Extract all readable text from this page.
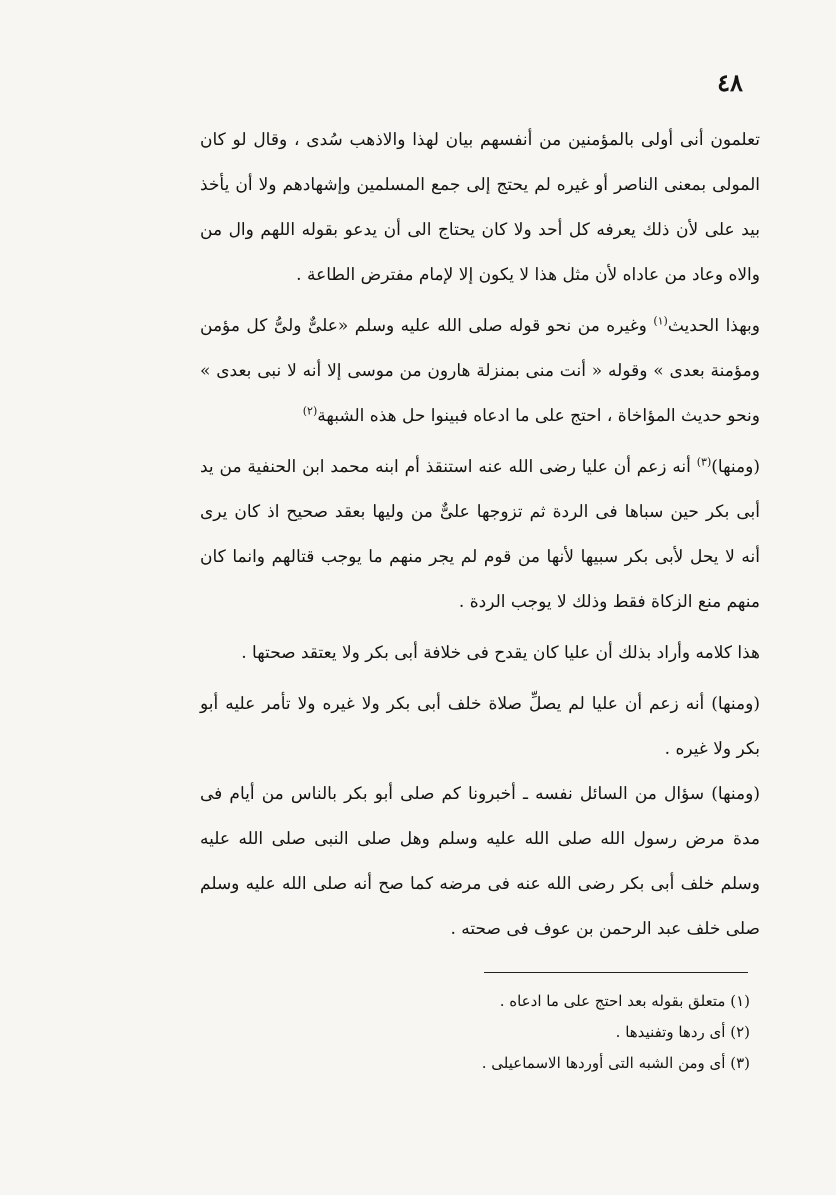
٤٨

تعلمون أنى أولى بالمؤمنين من أنفسهم بيان لهذا والاذهب سُدى ، وقال لو كان المولى بمعنى الناصر أو غيره لم يحتج إلى جمع المسلمين وإشهادهم ولا أن يأخذ بيد على لأن ذلك يعرفه كل أحد ولا كان يحتاج الى أن يدعو بقوله اللهم وال من والاه وعاد من عاداه لأن مثل هذا لا يكون إلا لإمام مفترض الطاعة .

وبهذا الحديث$^{(١)}$ وغيره من نحو قوله صلى الله عليه وسلم «علىٌّ ولىُّ كل مؤمن ومؤمنة بعدى » وقوله « أنت منى بمنزلة هارون من موسى إلا أنه لا نبى بعدى » ونحو حديث المؤاخاة ، احتج على ما ادعاه فبينوا حل هذه الشبهة$^{(٢)}$

(ومنها)$^{(٣)}$ أنه زعم أن عليا رضى الله عنه استنقذ أم ابنه محمد ابن الحنفية من يد أبى بكر حين سباها فى الردة ثم تزوجها علىٌّ من وليها بعقد صحيح اذ كان يرى أنه لا يحل لأبى بكر سبيها لأنها من قوم لم يجر منهم ما يوجب قتالهم وانما كان منهم منع الزكاة فقط وذلك لا يوجب الردة .

هذا كلامه وأراد بذلك أن عليا كان يقدح فى خلافة أبى بكر ولا يعتقد صحتها .

(ومنها) أنه زعم أن عليا لم يصلِّ صلاة خلف أبى بكر ولا غيره ولا تأمر عليه أبو بكر ولا غيره .

(ومنها) سؤال من السائل نفسه ـ أخبرونا كم صلى أبو بكر بالناس من أيام فى مدة مرض رسول الله صلى الله عليه وسلم وهل صلى النبى صلى الله عليه وسلم خلف أبى بكر رضى الله عنه فى مرضه كما صح أنه صلى الله عليه وسلم صلى خلف عبد الرحمن بن عوف فى صحته .

(١) متعلق بقوله بعد احتج على ما ادعاه .

(٢) أى ردها وتفنيدها .

(٣) أى ومن الشبه التى أوردها الاسماعيلى .
